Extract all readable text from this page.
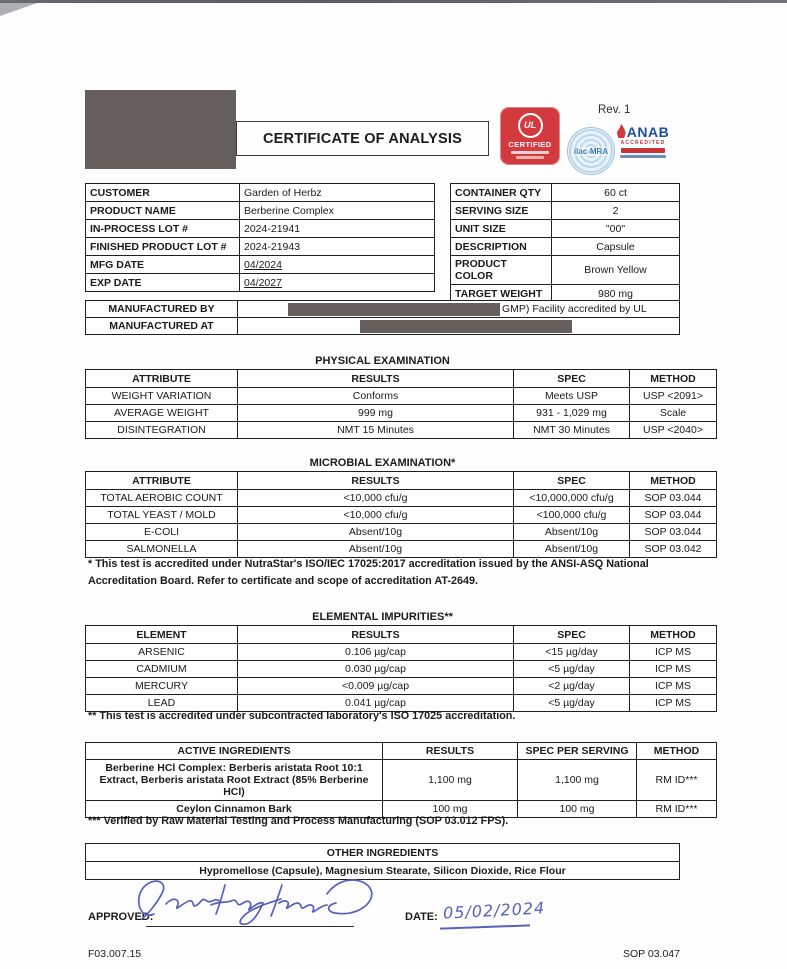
CERTIFICATE OF ANALYSIS
Rev. 1
UL
CERTIFIED
ilac-MRA
ANAB
ACCREDITED
CUSTOMER	Garden of Herbz
PRODUCT NAME	Berberine Complex
IN-PROCESS LOT #	2024-21941
FINISHED PRODUCT LOT #	2024-21943
MFG DATE	04/2024
EXP DATE	04/2027
CONTAINER QTY	60 ct
SERVING SIZE	2
UNIT SIZE	"00"
DESCRIPTION	Capsule
PRODUCT COLOR	Brown Yellow
TARGET WEIGHT	980 mg
MANUFACTURED BY	GMP) Facility accredited by UL

MANUFACTURED AT	
PHYSICAL EXAMINATION
ATTRIBUTE	RESULTS	SPEC	METHOD
WEIGHT VARIATION	Conforms	Meets USP	USP <2091>
AVERAGE WEIGHT	999 mg	931 - 1,029 mg	Scale
DISINTEGRATION	NMT 15 Minutes	NMT 30 Minutes	USP <2040>
MICROBIAL EXAMINATION*
ATTRIBUTE	RESULTS	SPEC	METHOD
TOTAL AEROBIC COUNT	<10,000 cfu/g	<10,000,000 cfu/g	SOP 03.044
TOTAL YEAST / MOLD	<10,000 cfu/g	<100,000 cfu/g	SOP 03.044
E-COLI	Absent/10g	Absent/10g	SOP 03.044
SALMONELLA	Absent/10g	Absent/10g	SOP 03.042
* This test is accredited under NutraStar's ISO/IEC 17025:2017 accreditation issued by the ANSI-ASQ National Accreditation Board. Refer to certificate and scope of accreditation AT-2649.
ELEMENTAL IMPURITIES**
ELEMENT	RESULTS	SPEC	METHOD
ARSENIC	0.106 µg/cap	<15 µg/day	ICP MS
CADMIUM	0.030 µg/cap	<5 µg/day	ICP MS
MERCURY	<0.009 µg/cap	<2 µg/day	ICP MS
LEAD	0.041 µg/cap	<5 µg/day	ICP MS
** This test is accredited under subcontracted laboratory's ISO 17025 accreditation.
ACTIVE INGREDIENTS	RESULTS	SPEC PER SERVING	METHOD
Berberine HCl Complex: Berberis aristata Root 10:1 Extract, Berberis aristata Root Extract (85% Berberine HCl)	1,100 mg	1,100 mg	RM ID***
Ceylon Cinnamon Bark	100 mg	100 mg	RM ID***
*** Verified by Raw Material Testing and Process Manufacturing (SOP 03.012 FPS).
OTHER INGREDIENTS
Hypromellose (Capsule), Magnesium Stearate, Silicon Dioxide, Rice Flour
APPROVED:	DATE: 05/02/2024
F03.007.15	SOP 03.047
